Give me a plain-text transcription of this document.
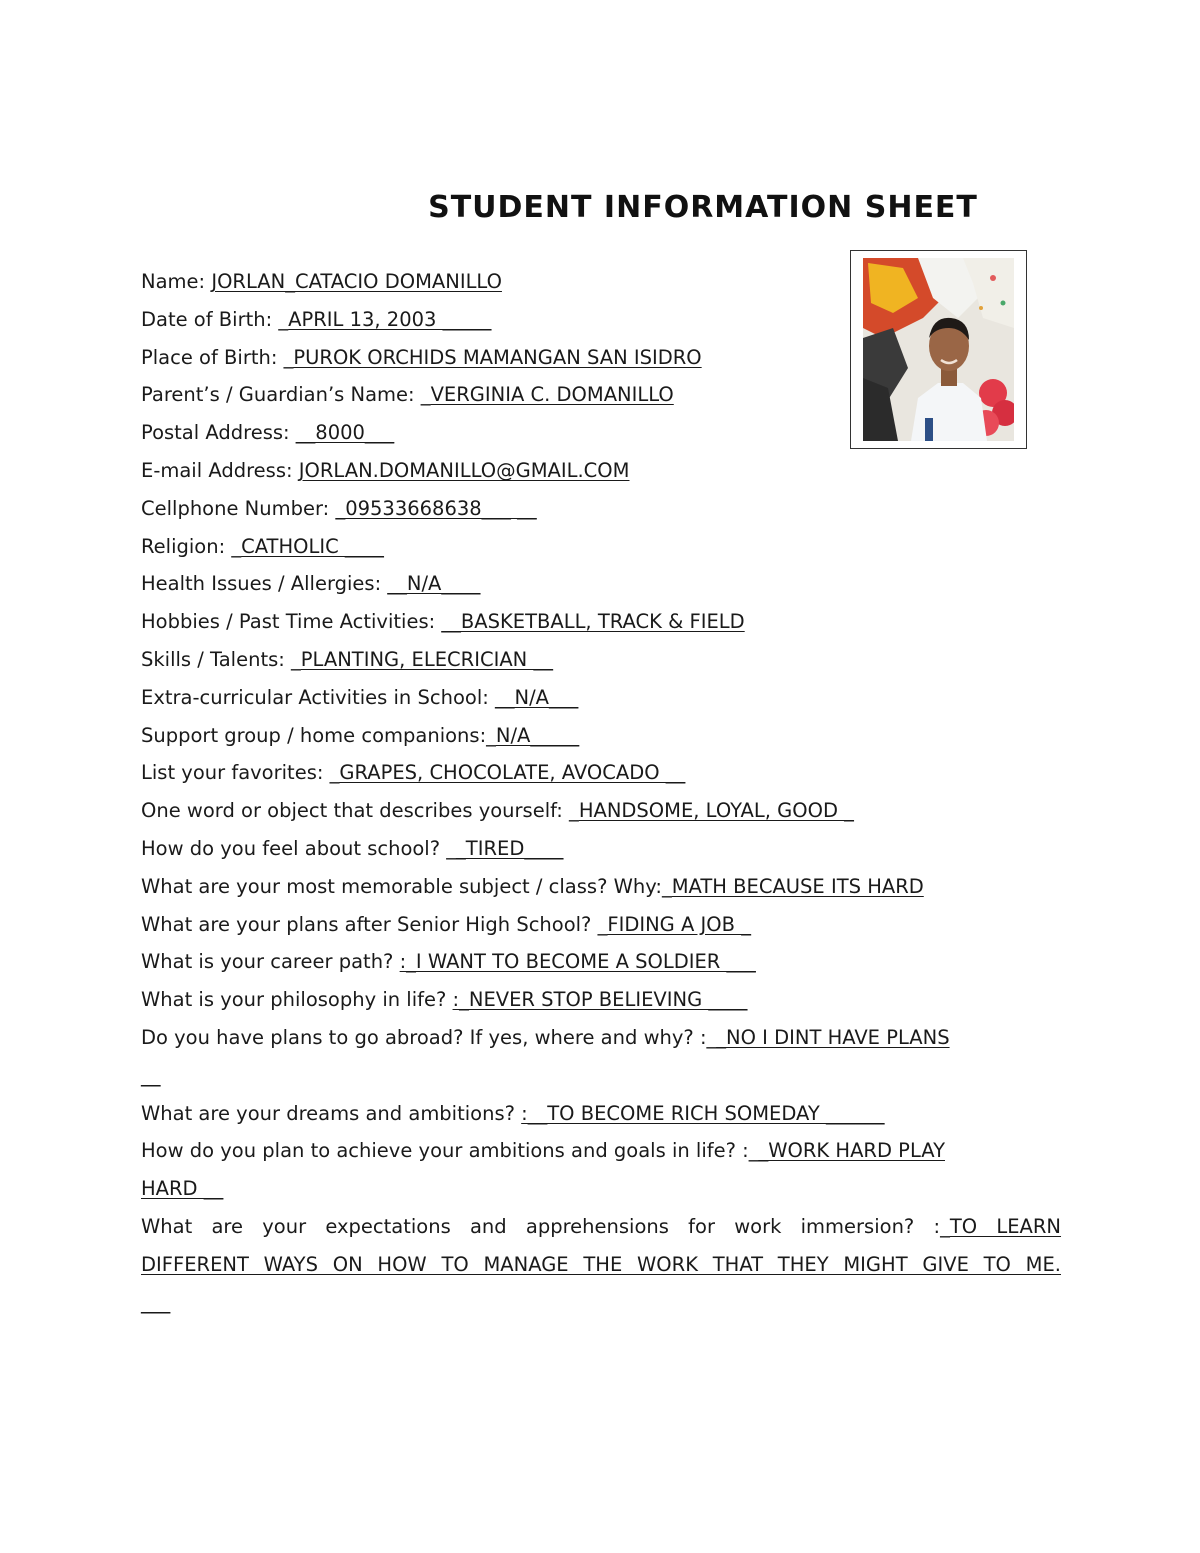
STUDENT INFORMATION SHEET
Name: JORLAN_CATACIO DOMANILLO
Date of Birth: _APRIL 13, 2003 _____
Place of Birth: _PUROK ORCHIDS MAMANGAN SAN ISIDRO
Parent’s / Guardian’s Name: _VERGINIA C. DOMANILLO
Postal Address: __8000___
E-mail Address: JORLAN.DOMANILLO@GMAIL.COM
Cellphone Number: _09533668638___ __
Religion: _CATHOLIC ____
Health Issues / Allergies: __N/A____
Hobbies / Past Time Activities: __BASKETBALL, TRACK & FIELD
Skills / Talents: _PLANTING, ELECRICIAN __
Extra-curricular Activities in School: __N/A___
Support group / home companions:_N/A_____
List your favorites: _GRAPES, CHOCOLATE, AVOCADO __
One word or object that describes yourself: _HANDSOME, LOYAL, GOOD _
How do you feel about school? __TIRED____
What are your most memorable subject / class? Why:_MATH BECAUSE ITS HARD
What are your plans after Senior High School? _FIDING A JOB _
What is your career path? :_I WANT TO BECOME A SOLDIER ___
What is your philosophy in life? :_NEVER STOP BELIEVING ____
Do you have plans to go abroad? If yes, where and why? :__NO I DINT HAVE PLANS
__
What are your dreams and ambitions? :__TO BECOME RICH SOMEDAY ______
How do you plan to achieve your ambitions and goals in life? :__WORK HARD PLAY
HARD __
What are your expectations and apprehensions for work immersion? :_TO LEARN
DIFFERENT WAYS ON HOW TO MANAGE THE WORK THAT THEY MIGHT GIVE TO ME.
___
